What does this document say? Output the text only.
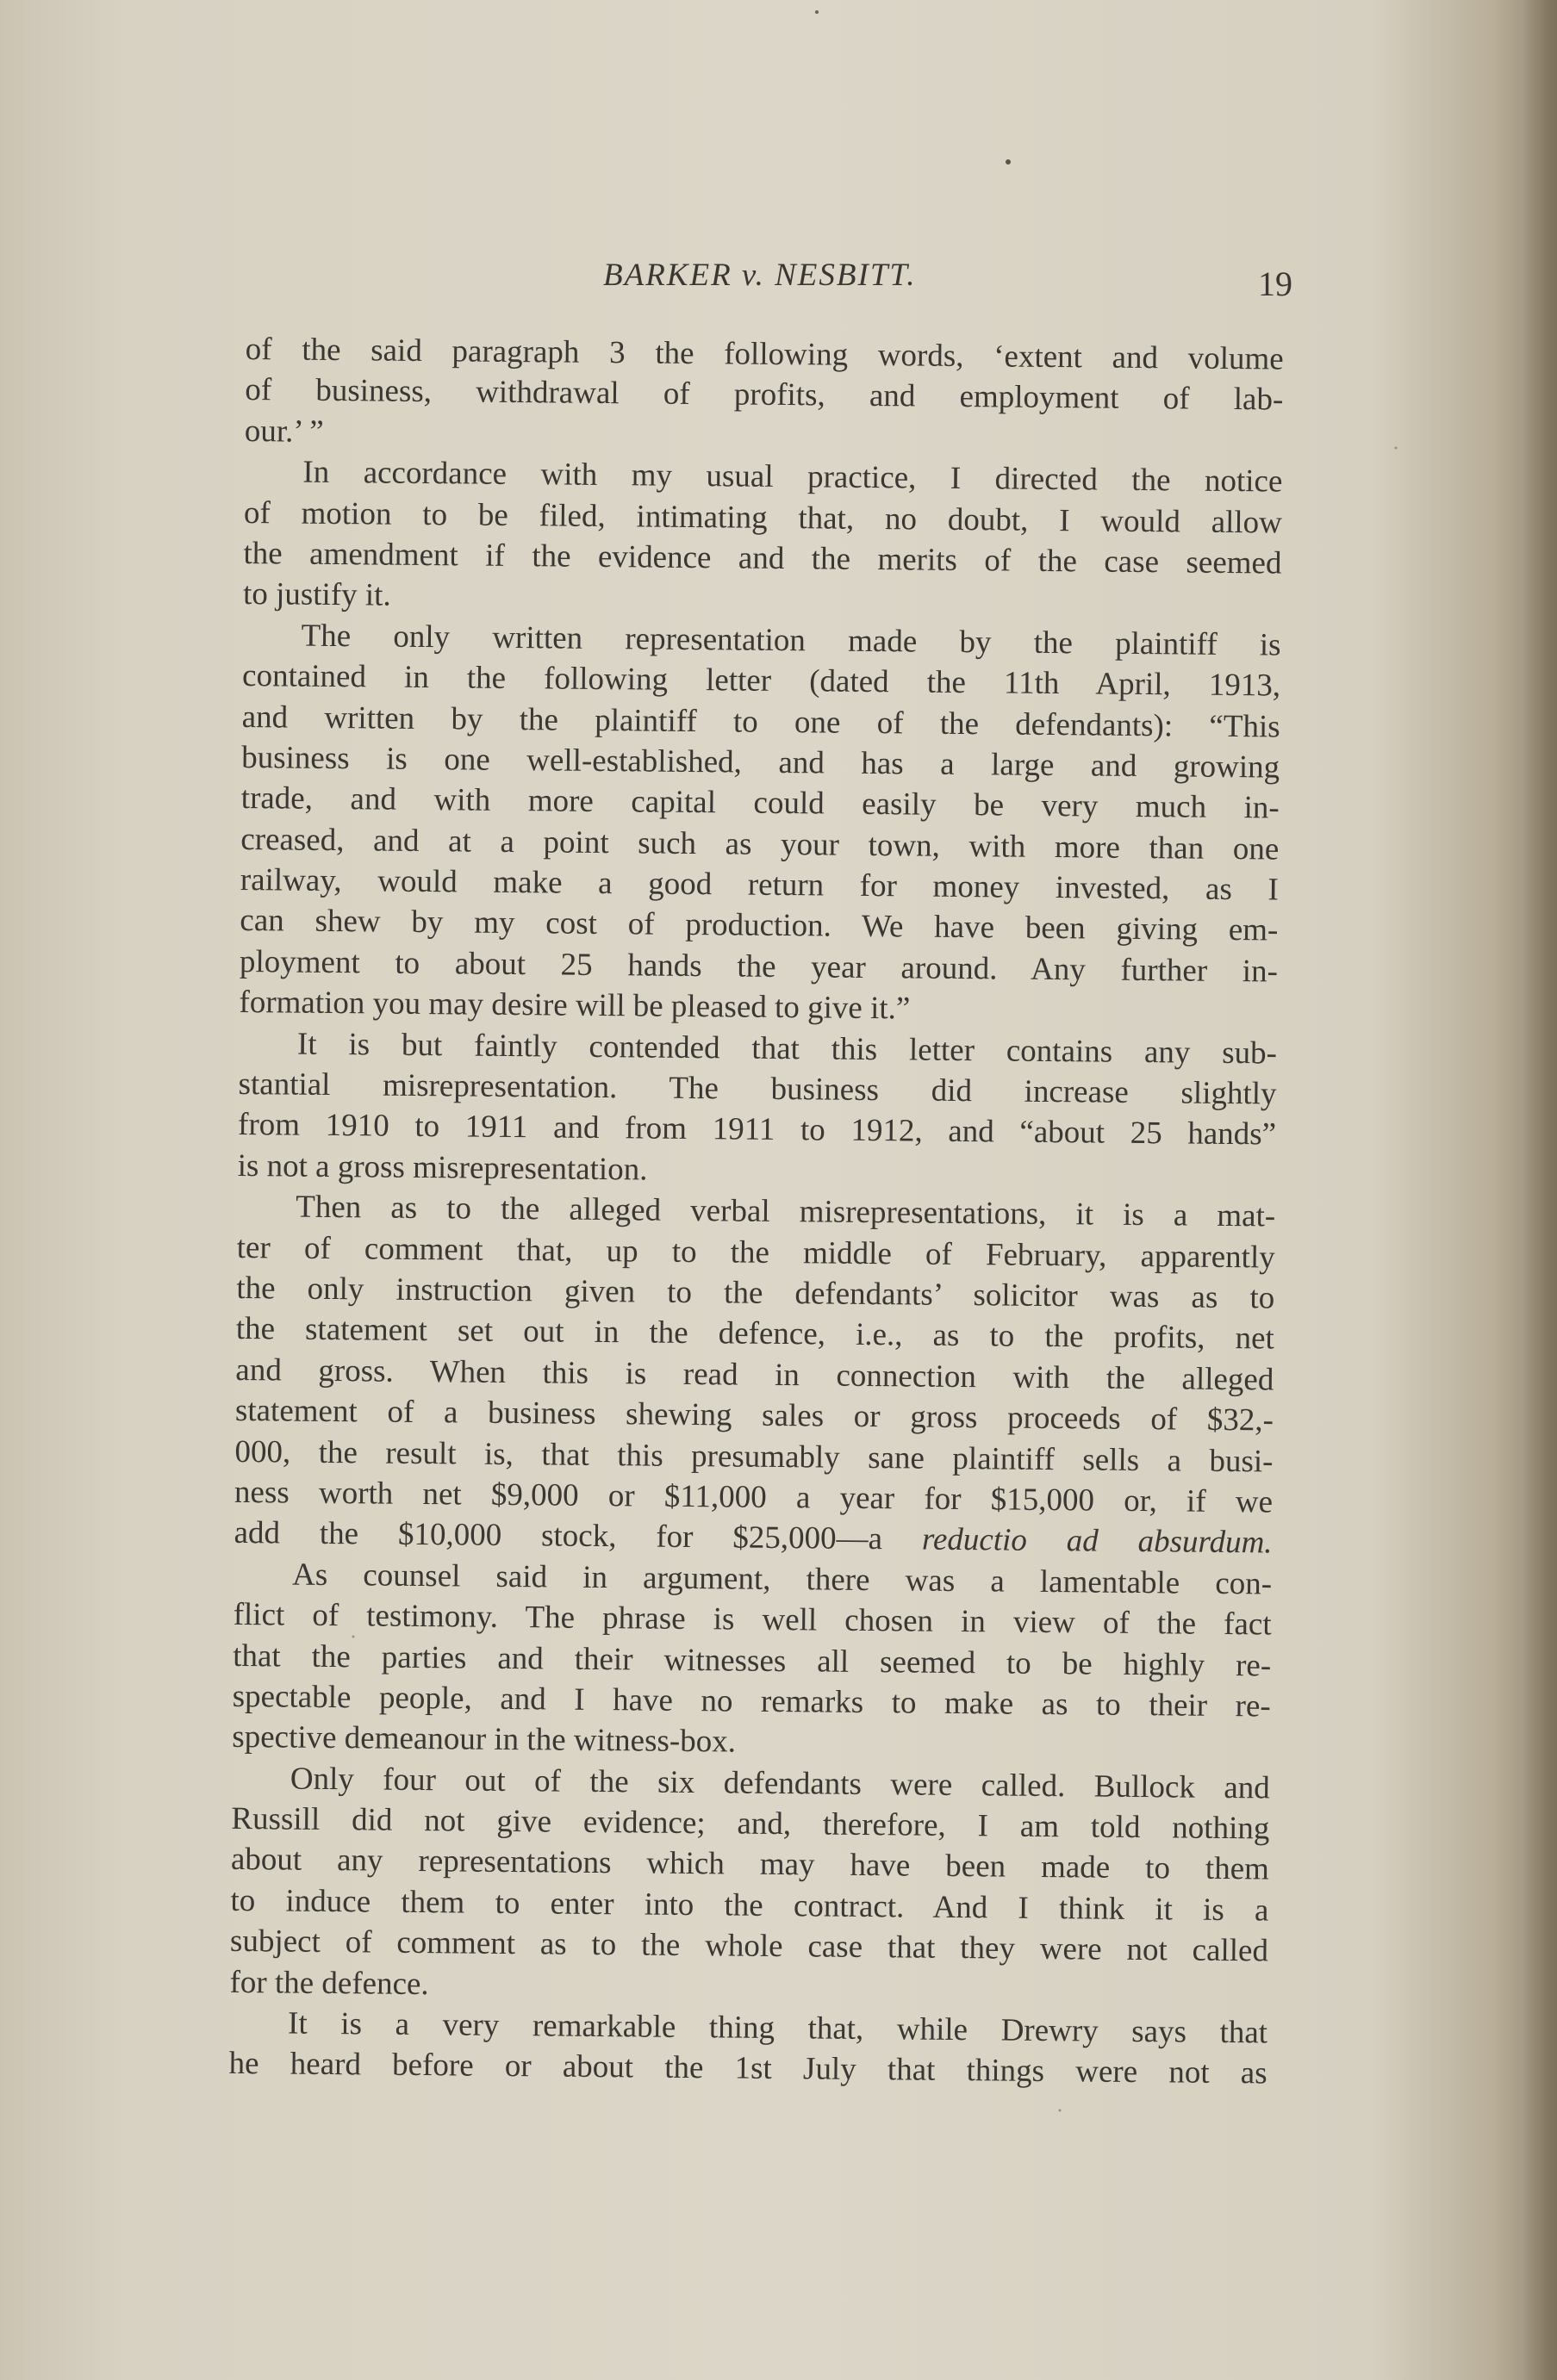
BARKER v. NESBITT.	19
of the said paragraph 3 the following words, ‘extent and volume
of business, withdrawal of profits, and employment of lab-
our.’ ”
In accordance with my usual practice, I directed the notice
of motion to be filed, intimating that, no doubt, I would allow
the amendment if the evidence and the merits of the case seemed
to justify it.
The only written representation made by the plaintiff is
contained in the following letter (dated the 11th April, 1913,
and written by the plaintiff to one of the defendants): “This
business is one well-established, and has a large and growing
trade, and with more capital could easily be very much in-
creased, and at a point such as your town, with more than one
railway, would make a good return for money invested, as I
can shew by my cost of production. We have been giving em-
ployment to about 25 hands the year around. Any further in-
formation you may desire will be pleased to give it.”
It is but faintly contended that this letter contains any sub-
stantial misrepresentation. The business did increase slightly
from 1910 to 1911 and from 1911 to 1912, and “about 25 hands”
is not a gross misrepresentation.
Then as to the alleged verbal misrepresentations, it is a mat-
ter of comment that, up to the middle of February, apparently
the only instruction given to the defendants’ solicitor was as to
the statement set out in the defence, i.e., as to the profits, net
and gross. When this is read in connection with the alleged
statement of a business shewing sales or gross proceeds of $32,-
000, the result is, that this presumably sane plaintiff sells a busi-
ness worth net $9,000 or $11,000 a year for $15,000 or, if we
add the $10,000 stock, for $25,000—a reductio ad absurdum.
As counsel said in argument, there was a lamentable con-
flict of testimony. The phrase is well chosen in view of the fact
that the parties and their witnesses all seemed to be highly re-
spectable people, and I have no remarks to make as to their re-
spective demeanour in the witness-box.
Only four out of the six defendants were called. Bullock and
Russill did not give evidence; and, therefore, I am told nothing
about any representations which may have been made to them
to induce them to enter into the contract. And I think it is a
subject of comment as to the whole case that they were not called
for the defence.
It is a very remarkable thing that, while Drewry says that
he heard before or about the 1st July that things were not as
